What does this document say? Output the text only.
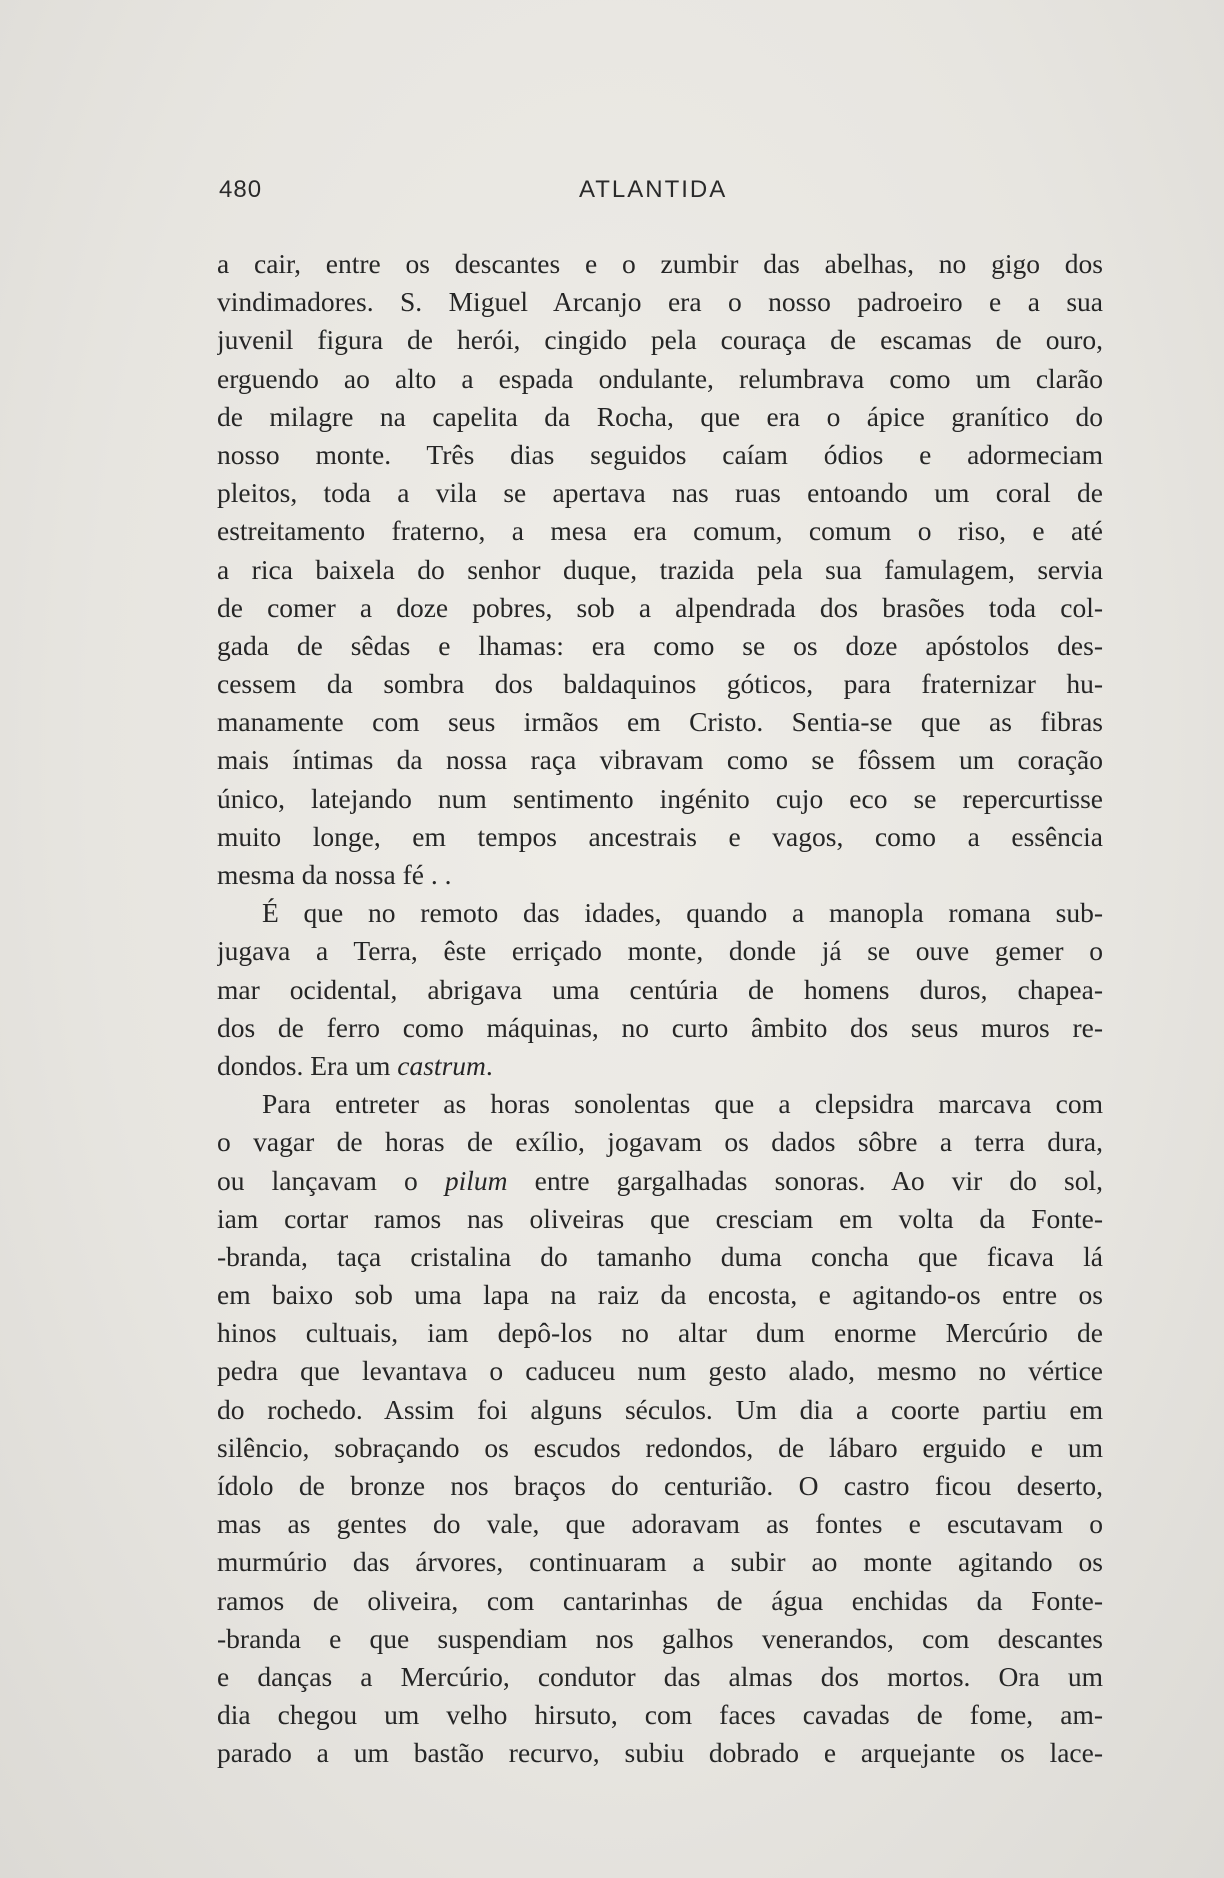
480	ATLANTIDA
a cair, entre os descantes e o zumbir das abelhas, no gigo dos
vindimadores. S. Miguel Arcanjo era o nosso padroeiro e a sua
juvenil figura de herói, cingido pela couraça de escamas de ouro,
erguendo ao alto a espada ondulante, relumbrava como um clarão
de milagre na capelita da Rocha, que era o ápice granítico do
nosso monte. Três dias seguidos caíam ódios e adormeciam
pleitos, toda a vila se apertava nas ruas entoando um coral de
estreitamento fraterno, a mesa era comum, comum o riso, e até
a rica baixela do senhor duque, trazida pela sua famulagem, servia
de comer a doze pobres, sob a alpendrada dos brasões toda col-
gada de sêdas e lhamas: era como se os doze apóstolos des-
cessem da sombra dos baldaquinos góticos, para fraternizar hu-
manamente com seus irmãos em Cristo. Sentia-se que as fibras
mais íntimas da nossa raça vibravam como se fôssem um coração
único, latejando num sentimento ingénito cujo eco se repercurtisse
muito longe, em tempos ancestrais e vagos, como a essência
mesma da nossa fé . .
É que no remoto das idades, quando a manopla romana sub-
jugava a Terra, êste erriçado monte, donde já se ouve gemer o
mar ocidental, abrigava uma centúria de homens duros, chapea-
dos de ferro como máquinas, no curto âmbito dos seus muros re-
dondos. Era um castrum.
Para entreter as horas sonolentas que a clepsidra marcava com
o vagar de horas de exílio, jogavam os dados sôbre a terra dura,
ou lançavam o pilum entre gargalhadas sonoras. Ao vir do sol,
iam cortar ramos nas oliveiras que cresciam em volta da Fonte-
-branda, taça cristalina do tamanho duma concha que ficava lá
em baixo sob uma lapa na raiz da encosta, e agitando-os entre os
hinos cultuais, iam depô-los no altar dum enorme Mercúrio de
pedra que levantava o caduceu num gesto alado, mesmo no vértice
do rochedo. Assim foi alguns séculos. Um dia a coorte partiu em
silêncio, sobraçando os escudos redondos, de lábaro erguido e um
ídolo de bronze nos braços do centurião. O castro ficou deserto,
mas as gentes do vale, que adoravam as fontes e escutavam o
murmúrio das árvores, continuaram a subir ao monte agitando os
ramos de oliveira, com cantarinhas de água enchidas da Fonte-
-branda e que suspendiam nos galhos venerandos, com descantes
e danças a Mercúrio, condutor das almas dos mortos. Ora um
dia chegou um velho hirsuto, com faces cavadas de fome, am-
parado a um bastão recurvo, subiu dobrado e arquejante os lace-
